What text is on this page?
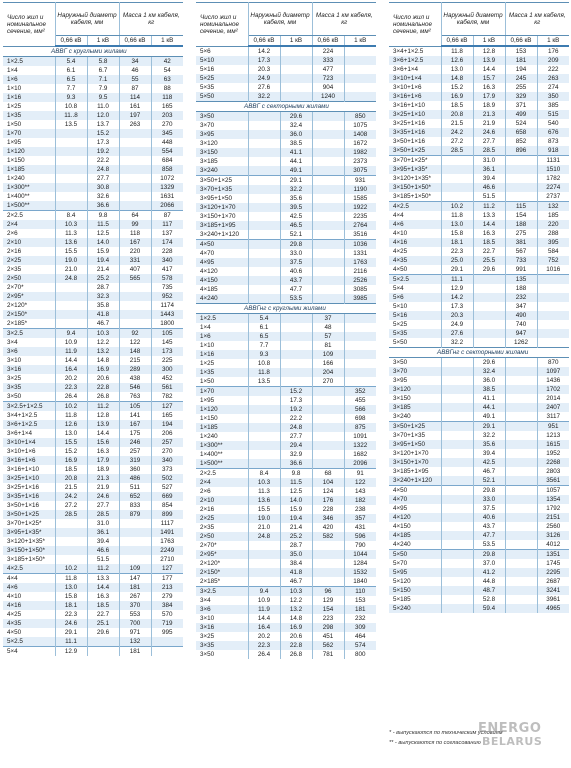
Число жил и номинальное сечение, мм²	Наружный диаметр кабеля, мм		Масса 1 км кабеля, кг	
	0,66 кВ	1 кВ	0,66 кВ	1 кВ
АВВГ с круглыми жилами				
1×2.5	5.4	5.8	34	42
1×4	6.1	6.7	46	54
1×6	6.5	7.1	55	63
1×10	7.7	7.9	87	88
1×16	9.3	9.5	114	118
1×25	10.8	11.0	161	165
1×35	11..8	12.0	197	203
1×50	13.5	13.7	263	270
1×70		15.2		345
1×95		17.3		448
1×120		19.2		554
1×150		22.2		684
1×185		24.8		858
1×240		27.7		1072
1×300**		30.8		1329
1×400**		32.6		1631
1×500**		36.6		2066
2×2.5	8.4	9.8	64	87
2×4	10.3	11.5	99	117
2×6	11.3	12.5	118	137
2×10	13.6	14.0	167	174
2×16	15.5	15.9	220	228
2×25	19.0	19.4	331	340
2×35	21.0	21.4	407	417
2×50	24.8	25.2	565	578
2×70*		28.7		735
2×95*		32.3		952
2×120*		35.8		1174
2×150*		41.8		1443
2×185*		46.7		1800
3×2.5	9.4	10.3	92	105
3×4	10.9	12.2	122	145
3×6	11.9	13.2	148	173
3×10	14.4	14.8	215	225
3×16	16.4	16.9	289	300
3×25	20.2	20.6	438	452
3×35	22.3	22.8	546	561
3×50	26.4	26.8	763	782
3×2.5+1×2.5	10.2	11.2	105	127
3×4+1×2.5	11.8	12.8	141	165
3×6+1×2.5	12.6	13.9	167	194
3×6+1×4	13.0	14.4	175	206
3×10+1×4	15.5	15.6	246	257
3×10+1×6	15.2	16.3	257	270
3×16+1×6	16.9	17.9	319	340
3×16+1×10	18.5	18.9	360	373
3×25+1×10	20.8	21.3	486	502
3×25+1×16	21.5	21.9	511	527
3×35+1×16	24.2	24.6	652	669
3×50+1×16	27.2	27.7	833	854
3×50+1×25	28.5	28.5	879	899
3×70+1×25*		31.0		1117
3×95+1×35*		36.1		1491
3×120+1×35*		39.4		1763
3×150+1×50*		46.6		2249
3×185+1×50*		51.5		2710
4×2.5	10.2	11.2	109	127
4×4	11.8	13.3	147	177
4×6	13.0	14.4	181	213
4×10	15.8	16.3	267	279
4×16	18.1	18.5	370	384
4×25	22.3	22.7	553	570
4×35	24.6	25.1	700	719
4×50	29.1	29.6	971	995
5×2.5	11.1		132	
5×4	12.9		181	
Число жил и номинальное сечение, мм²	Наружный диаметр кабеля, мм		Масса 1 км кабеля, кг	
	0,66 кВ	1 кВ	0,66 кВ	1 кВ
5×6	14.2		224	
5×10	17.3		333	
5×16	20.3		477	
5×25	24.9		723	
5×35	27.6		904	
5×50	32.2		1240	
АВВГ с секторными жилами				
3×50		29.6		850
3×70		32.4		1075
3×95		36.0		1408
3×120		38.5		1672
3×150		41.1		1982
3×185		44.1		2373
3×240		49.1		3075
3×50+1×25		29.1		931
3×70+1×35		32.2		1190
3×95+1×50		35.6		1585
3×120+1×70		39.5		1922
3×150+1×70		42.5		2235
3×185+1×95		46.5		2764
3×240+1×120		52.1		3516
4×50		29.8		1036
4×70		33.0		1331
4×95		37.5		1763
4×120		40.6		2116
4×150		43.7		2526
4×185		47.7		3085
4×240		53.5		3985
АВВГнг с круглыми жилами				
1×2.5	5.4		37	
1×4	6.1		48	
1×6	6.5		57	
1×10	7.7		81	
1×16	9.3		109	
1×25	10.8		166	
1×35	11.8		204	
1×50	13.5		270	
1×70		15.2		352
1×95		17.3		455
1×120		19.2		566
1×150		22.2		698
1×185		24.8		875
1×240		27.7		1091
1×300**		29.4		1322
1×400**		32.9		1682
1×500**		36.6		2096
2×2.5	8.4	9.8	68	91
2×4	10.3	11.5	104	122
2×6	11.3	12.5	124	143
2×10	13.6	14.0	176	182
2×16	15.5	15.9	228	238
2×25	19.0	19.4	346	357
2×35	21.0	21.4	420	431
2×50	24.8	25.2	582	596
2×70*		28.7		790
2×95*		35.0		1044
2×120*		38.4		1284
2×150*		41.8		1532
2×185*		46.7		1840
3×2.5	9.4	10.3	96	110
3×4	10.9	12.2	129	153
3×6	11.9	13.2	154	181
3×10	14.4	14.8	223	232
3×16	16.4	16.9	298	309
3×25	20.2	20.6	451	464
3×35	22.3	22.8	562	574
3×50	26.4	26.8	781	800
Число жил и номинальное сечение, мм²	Наружный диаметр кабеля, мм		Масса 1 км кабеля, кг	
	0,66 кВ	1 кВ	0,66 кВ	1 кВ
3×4+1×2.5	11.8	12.8	153	176
3×6+1×2.5	12.6	13.9	181	209
3×6+1×4	13.0	14.4	194	222
3×10+1×4	14.8	15.7	245	263
3×10+1×6	15.2	16.3	255	274
3×16+1×6	16.9	17.9	329	350
3×16+1×10	18.5	18.9	371	385
3×25+1×10	20.8	21.3	499	515
3×25+1×16	21.5	21.9	524	540
3×35+1×16	24.2	24.6	658	676
3×50+1×16	27.2	27.7	852	873
3×50+1×25	28.5	28.5	896	918
3×70+1×25*		31.0		1131
3×95+1×35*		36.1		1510
3×120+1×35*		39.4		1782
3×150+1×50*		46.6		2274
3×185+1×50*		51.5		2737
4×2.5	10.2	11.2	115	132
4×4	11.8	13.3	154	185
4×6	13.0	14.4	188	220
4×10	15.8	16.3	275	288
4×16	18.1	18.5	381	395
4×25	22.3	22.7	567	584
4×35	25.0	25.5	733	752
4×50	29.1	29.6	991	1016
5×2.5	11.1		135	
5×4	12.9		188	
5×6	14.2		232	
5×10	17.3		347	
5×16	20.3		490	
5×25	24.9		740	
5×35	27.6		947	
5×50	32.2		1262	
АВВГнг с секторными жилами				
3×50		29.6		870
3×70		32.4		1097
3×95		36.0		1436
3×120		38.5		1702
3×150		41.1		2014
3×185		44.1		2407
3×240		49.1		3117
3×50+1×25		29.1		951
3×70+1×35		32.2		1213
3×95+1×50		35.6		1615
3×120+1×70		39.4		1952
3×150+1×70		42.5		2268
3×185+1×95		46.7		2803
3×240+1×120		52.1		3561
4×50		29.8		1057
4×70		33.0		1354
4×95		37.5		1792
4×120		40.6		2151
4×150		43.7		2560
4×185		47.7		3126
4×240		53.5		4012
5×50		29.8		1351
5×70		37.0		1745
5×95		41.2		2295
5×120		44.8		2687
5×150		48.7		3241
5×185		52.8		3961
5×240		59.4		4965

* - выпускаются по техническим условиям

** - выпускаются по согласованию

ENERGO
BELARUS
